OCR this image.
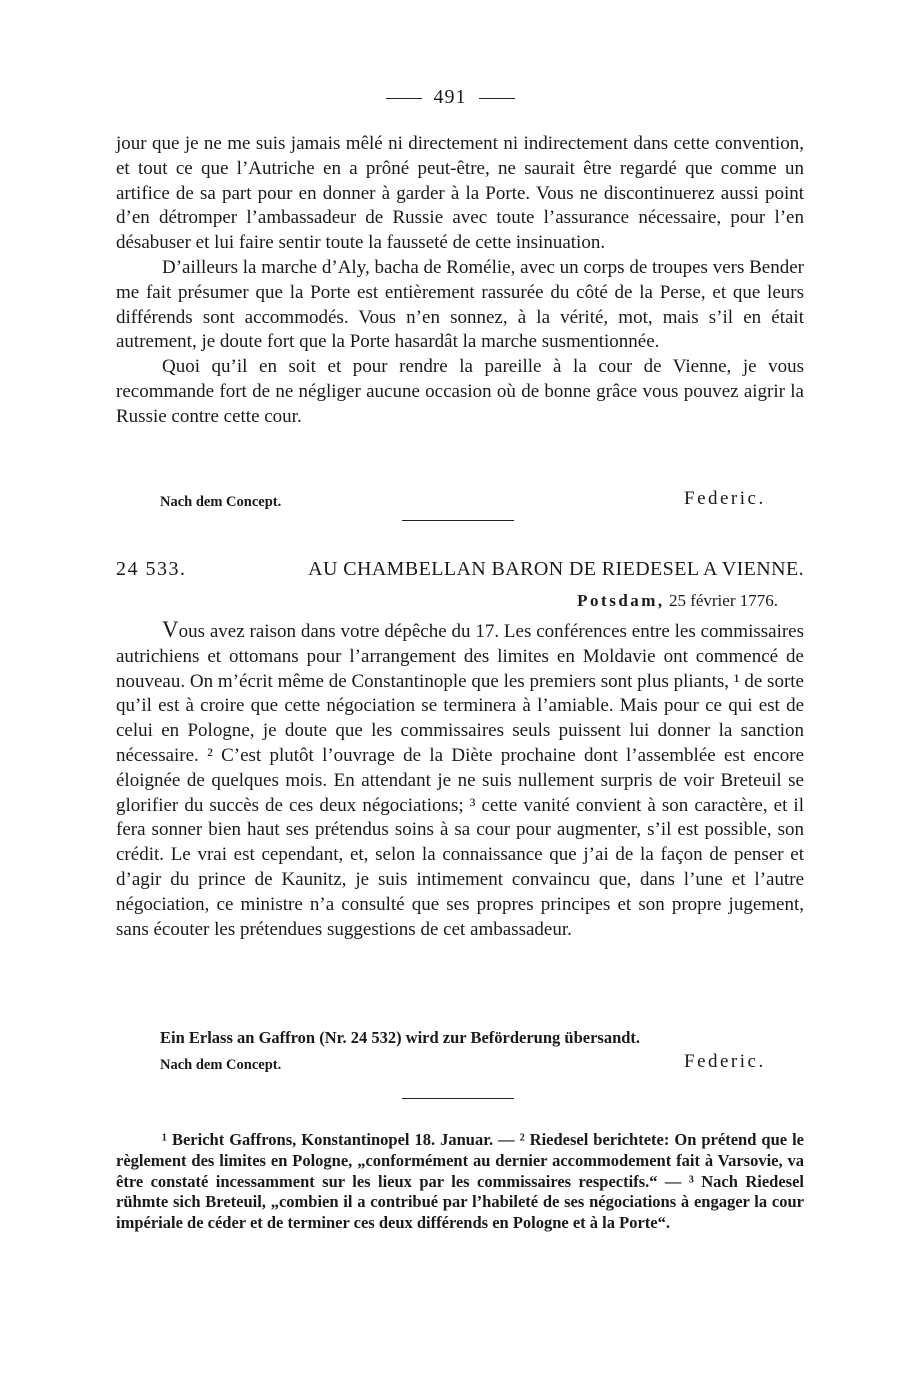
491

jour que je ne me suis jamais mêlé ni directement ni indirectement dans cette convention, et tout ce que l’Autriche en a prôné peut-être, ne saurait être regardé que comme un artifice de sa part pour en donner à garder à la Porte. Vous ne discontinuerez aussi point d’en détromper l’ambassadeur de Russie avec toute l’assurance nécessaire, pour l’en désabuser et lui faire sentir toute la fausseté de cette insinuation.

D’ailleurs la marche d’Aly, bacha de Romélie, avec un corps de troupes vers Bender me fait présumer que la Porte est entièrement rassurée du côté de la Perse, et que leurs différends sont accommodés. Vous n’en sonnez, à la vérité, mot, mais s’il en était autrement, je doute fort que la Porte hasardât la marche susmentionnée.

Quoi qu’il en soit et pour rendre la pareille à la cour de Vienne, je vous recommande fort de ne négliger aucune occasion où de bonne grâce vous pouvez aigrir la Russie contre cette cour.

Nach dem Concept.	Federic.
24 533.	AU CHAMBELLAN BARON DE RIEDESEL A VIENNE.
Potsdam, 25 février 1776.

Vous avez raison dans votre dépêche du 17. Les conférences entre les commissaires autrichiens et ottomans pour l’arrangement des limites en Moldavie ont commencé de nouveau. On m’écrit même de Constantinople que les premiers sont plus pliants, ¹ de sorte qu’il est à croire que cette négociation se terminera à l’amiable. Mais pour ce qui est de celui en Pologne, je doute que les commissaires seuls puissent lui donner la sanction nécessaire. ² C’est plutôt l’ouvrage de la Diète prochaine dont l’assemblée est encore éloignée de quelques mois. En attendant je ne suis nullement surpris de voir Breteuil se glorifier du succès de ces deux négociations; ³ cette vanité convient à son caractère, et il fera sonner bien haut ses prétendus soins à sa cour pour augmenter, s’il est possible, son crédit. Le vrai est cependant, et, selon la connaissance que j’ai de la façon de penser et d’agir du prince de Kaunitz, je suis intimement convaincu que, dans l’une et l’autre négociation, ce ministre n’a consulté que ses propres principes et son propre jugement, sans écouter les prétendues suggestions de cet ambassadeur.

Ein Erlass an Gaffron (Nr. 24 532) wird zur Beförderung übersandt.
Nach dem Concept.	Federic.

¹ Bericht Gaffrons, Konstantinopel 18. Januar. — ² Riedesel berichtete: On prétend que le règlement des limites en Pologne, „conformément au dernier accommodement fait à Varsovie, va être constaté incessamment sur les lieux par les commissaires respectifs.“ — ³ Nach Riedesel rühmte sich Breteuil, „combien il a contribué par l’habileté de ses négociations à engager la cour impériale de céder et de terminer ces deux différends en Pologne et à la Porte“.
